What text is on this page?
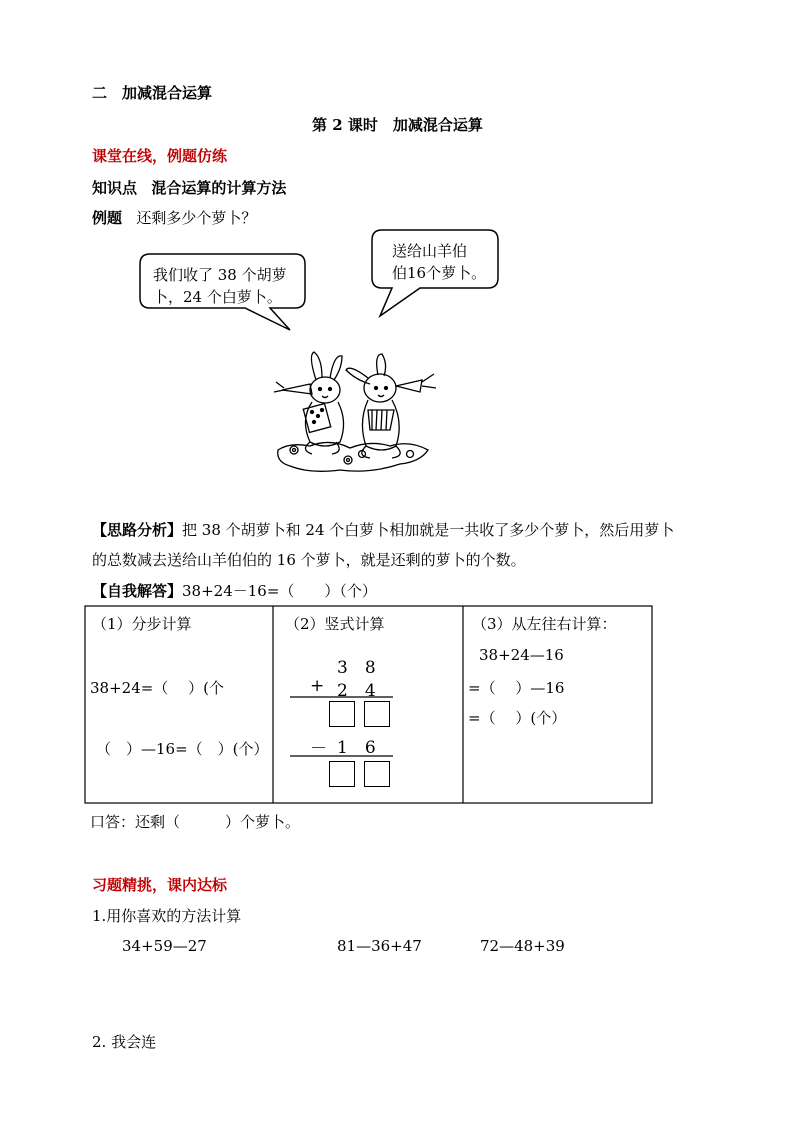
二　加减混合运算
第 2 课时　加减混合运算
课堂在线，例题仿练
知识点 混合运算的计算方法
例题 还剩多少个萝卜？
我们收了 38 个胡萝
卜，24 个白萝卜。
送给山羊伯
伯16个萝卜。
【思路分析】把 38 个胡萝卜和 24 个白萝卜相加就是一共收了多少个萝卜，然后用萝卜
的总数减去送给山羊伯伯的 16 个萝卜，就是还剩的萝卜的个数。
【自我解答】38+24－16=（　　）（个）
（1）分步计算
38+24=（　 ）(个
（　）—16=（　）(个）
（2）竖式计算
3　8
+ 2　4
－ 1　6
（3）从左往右计算：
38+24—16
=（　 ）—16
=（　 ）(个）
口答：还剩（　　　）个萝卜。
习题精挑，课内达标
1.用你喜欢的方法计算
34+59—27	81—36+47	72—48+39
2. 我会连
